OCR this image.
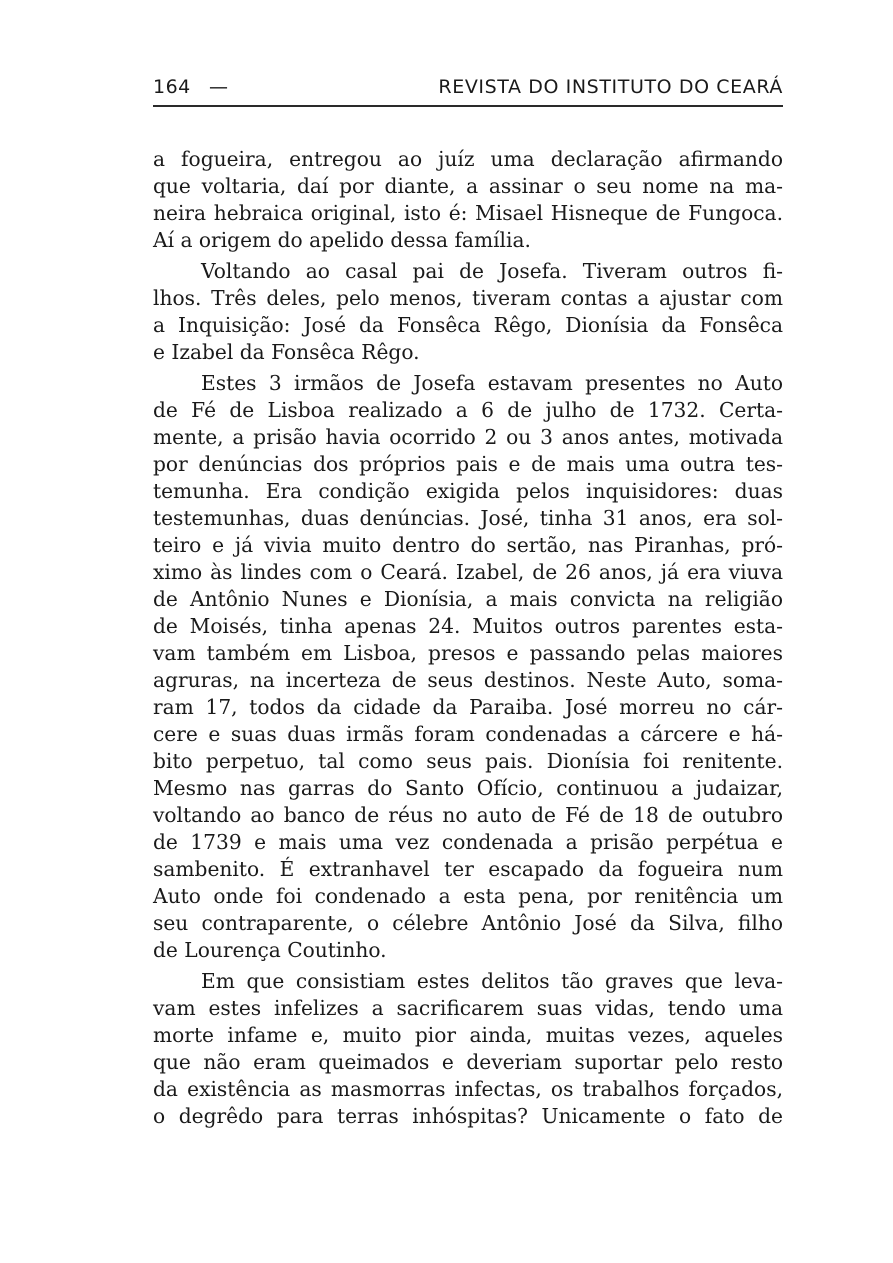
164 —	REVISTA DO INSTITUTO DO CEARÁ
a fogueira, entregou ao juíz uma declaração afirmando
que voltaria, daí por diante, a assinar o seu nome na ma-
neira hebraica original, isto é: Misael Hisneque de Fungoca.
Aí a origem do apelido dessa família.
Voltando ao casal pai de Josefa. Tiveram outros fi-
lhos. Três deles, pelo menos, tiveram contas a ajustar com
a Inquisição: José da Fonsêca Rêgo, Dionísia da Fonsêca
e Izabel da Fonsêca Rêgo.
Estes 3 irmãos de Josefa estavam presentes no Auto
de Fé de Lisboa realizado a 6 de julho de 1732. Certa-
mente, a prisão havia ocorrido 2 ou 3 anos antes, motivada
por denúncias dos próprios pais e de mais uma outra tes-
temunha. Era condição exigida pelos inquisidores: duas
testemunhas, duas denúncias. José, tinha 31 anos, era sol-
teiro e já vivia muito dentro do sertão, nas Piranhas, pró-
ximo às lindes com o Ceará. Izabel, de 26 anos, já era viuva
de Antônio Nunes e Dionísia, a mais convicta na religião
de Moisés, tinha apenas 24. Muitos outros parentes esta-
vam também em Lisboa, presos e passando pelas maiores
agruras, na incerteza de seus destinos. Neste Auto, soma-
ram 17, todos da cidade da Paraiba. José morreu no cár-
cere e suas duas irmãs foram condenadas a cárcere e há-
bito perpetuo, tal como seus pais. Dionísia foi renitente.
Mesmo nas garras do Santo Ofício, continuou a judaizar,
voltando ao banco de réus no auto de Fé de 18 de outubro
de 1739 e mais uma vez condenada a prisão perpétua e
sambenito. É extranhavel ter escapado da fogueira num
Auto onde foi condenado a esta pena, por renitência um
seu contraparente, o célebre Antônio José da Silva, filho
de Lourença Coutinho.
Em que consistiam estes delitos tão graves que leva-
vam estes infelizes a sacrificarem suas vidas, tendo uma
morte infame e, muito pior ainda, muitas vezes, aqueles
que não eram queimados e deveriam suportar pelo resto
da existência as masmorras infectas, os trabalhos forçados,
o degrêdo para terras inhóspitas? Unicamente o fato de
